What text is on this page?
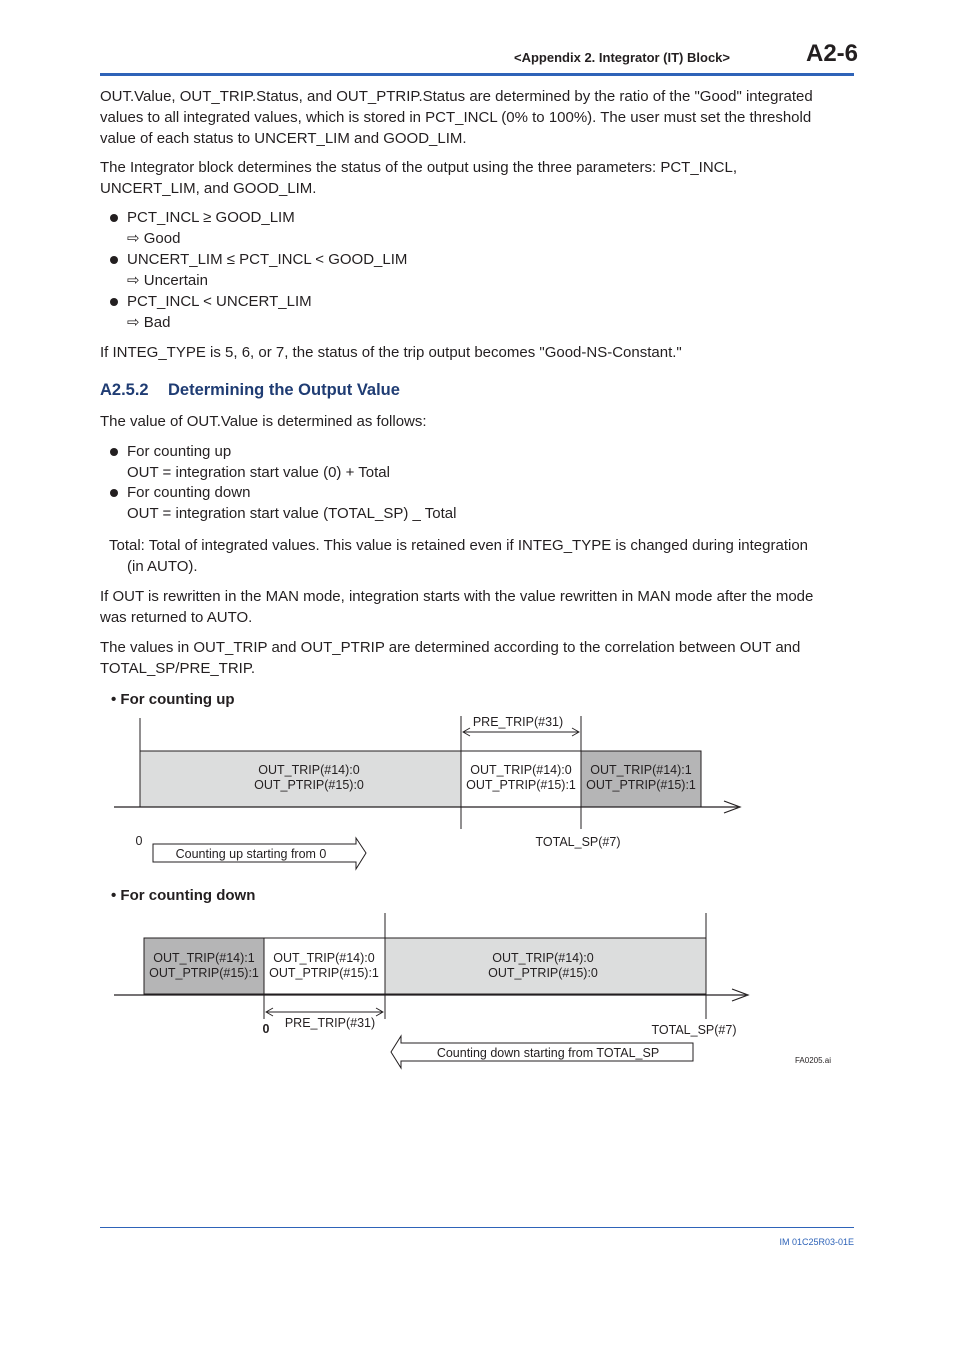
<Appendix 2. Integrator (IT) Block>	A2-6
OUT.Value, OUT_TRIP.Status, and OUT_PTRIP.Status are determined by the ratio of the "Good" integrated
values to all integrated values, which is stored in PCT_INCL (0% to 100%). The user must set the threshold
value of each status to UNCERT_LIM and GOOD_LIM.
The Integrator block determines the status of the output using the three parameters: PCT_INCL,
UNCERT_LIM, and GOOD_LIM.
PCT_INCL ≥ GOOD_LIM
⇨ Good
UNCERT_LIM ≤ PCT_INCL < GOOD_LIM
⇨ Uncertain
PCT_INCL < UNCERT_LIM
⇨ Bad
If INTEG_TYPE is 5, 6, or 7, the status of the trip output becomes "Good-NS-Constant."
A2.5.2 Determining the Output Value
The value of OUT.Value is determined as follows:
For counting up
OUT = integration start value (0) + Total
For counting down
OUT = integration start value (TOTAL_SP) _ Total
Total: Total of integrated values. This value is retained even if INTEG_TYPE is changed during integration
(in AUTO).
If OUT is rewritten in the MAN mode, integration starts with the value rewritten in MAN mode after the mode
was returned to AUTO.
The values in OUT_TRIP and OUT_PTRIP are determined according to the correlation between OUT and
TOTAL_SP/PRE_TRIP.
• For counting up
PRE_TRIP(#31)
OUT_TRIP(#14):0
OUT_PTRIP(#15):0
OUT_TRIP(#14):0
OUT_PTRIP(#15):1
OUT_TRIP(#14):1
OUT_PTRIP(#15):1
0	TOTAL_SP(#7)
Counting up starting from 0
OUT_TRIP(#14):1
OUT_PTRIP(#15):1
OUT_TRIP(#14):0
OUT_PTRIP(#15):1
OUT_TRIP(#14):0
OUT_PTRIP(#15):0
0 PRE_TRIP(#31)	TOTAL_SP(#7)
Counting down starting from TOTAL_SP
FA0205.ai
• For counting down
IM 01C25R03-01E
